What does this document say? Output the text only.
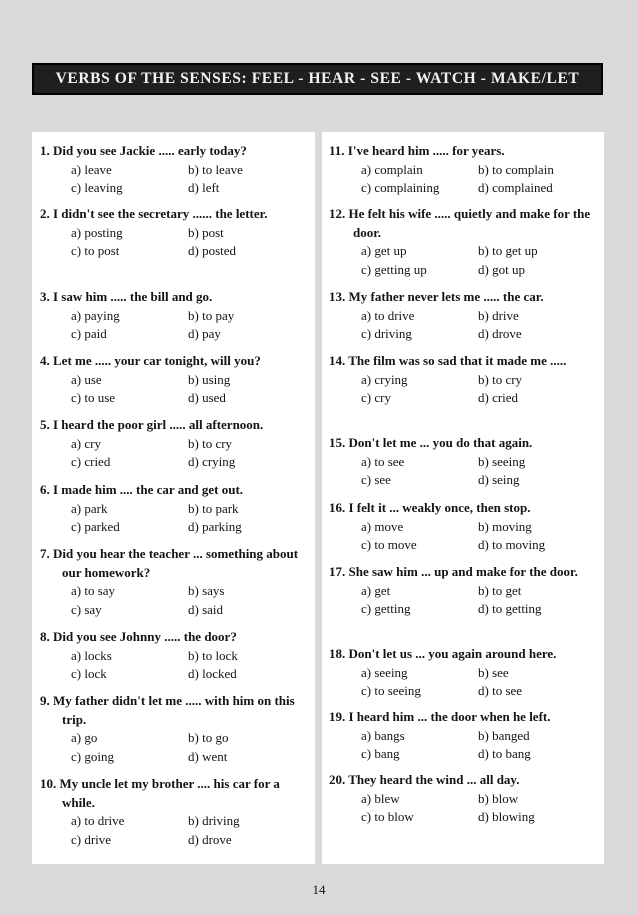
VERBS OF THE SENSES: FEEL - HEAR - SEE - WATCH - MAKE/LET
1. Did you see Jackie ..... early today?
a) leave	b) to leave
c) leaving	d) left
2. I didn't see the secretary ...... the letter.
a) posting	b) post
c) to post	d) posted
3. I saw him ..... the bill and go.
a) paying	b) to pay
c) paid	d) pay
4. Let me ..... your car tonight, will you?
a) use	b) using
c) to use	d) used
5. I heard the poor girl ..... all afternoon.
a) cry	b) to cry
c) cried	d) crying
6. I made him .... the car and get out.
a) park	b) to park
c) parked	d) parking
7. Did you hear the teacher ... something about our homework?
a) to say	b) says
c) say	d) said
8. Did you see Johnny ..... the door?
a) locks	b) to lock
c) lock	d) locked
9. My father didn't let me ..... with him on this trip.
a) go	b) to go
c) going	d) went
10. My uncle let my brother .... his car for a while.
a) to drive	b) driving
c) drive	d) drove
11. I've heard him ..... for years.
a) complain	b) to complain
c) complaining	d) complained
12. He felt his wife ..... quietly and make for the door.
a) get up	b) to get up
c) getting up	d) got up
13. My father never lets me ..... the car.
a) to drive	b) drive
c) driving	d) drove
14. The film was so sad that it made me .....
a) crying	b) to cry
c) cry	d) cried
15. Don't let me ... you do that again.
a) to see	b) seeing
c) see	d) seing
16. I felt it ... weakly once, then stop.
a) move	b) moving
c) to move	d) to moving
17. She saw him ... up and make for the door.
a) get	b) to get
c) getting	d) to getting
18. Don't let us ... you again around here.
a) seeing	b) see
c) to seeing	d) to see
19. I heard him ... the door when he left.
a) bangs	b) banged
c) bang	d) to bang
20. They heard the wind ... all day.
a) blew	b) blow
c) to blow	d) blowing
14
